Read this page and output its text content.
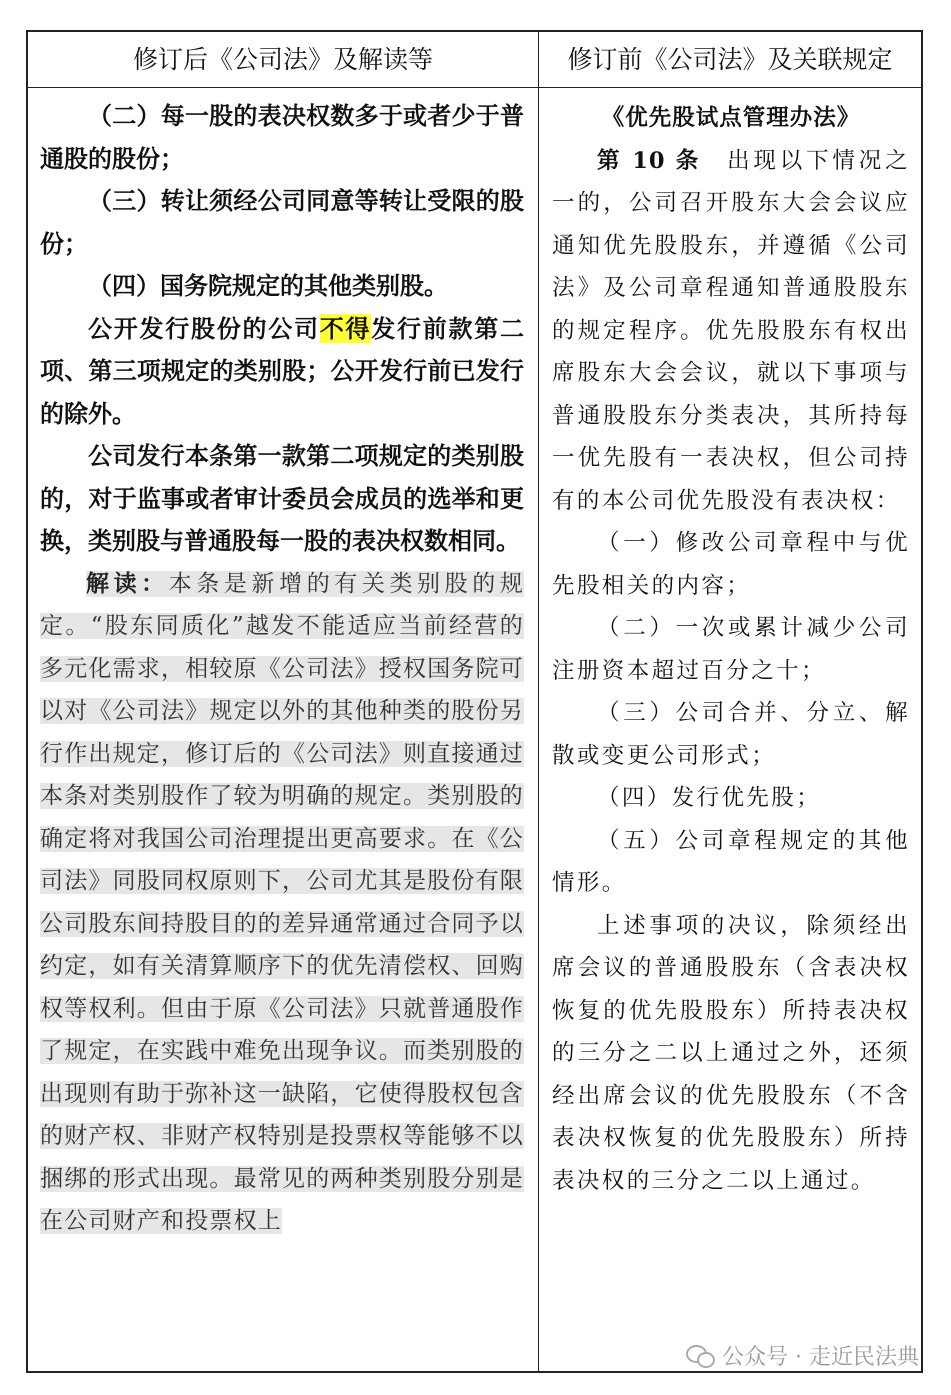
修订后《公司法》及解读等	修订前《公司法》及关联规定

（二）每一股的表决权数多于或者少于普通股的股份；

（三）转让须经公司同意等转让受限的股份；

（四）国务院规定的其他类别股。

公开发行股份的公司不得发行前款第二项、第三项规定的类别股；公开发行前已发行的除外。

公司发行本条第一款第二项规定的类别股的，对于监事或者审计委员会成员的选举和更换，类别股与普通股每一股的表决权数相同。

解读：本条是新增的有关类别股的规定。“股东同质化”越发不能适应当前经营的多元化需求，相较原《公司法》授权国务院可以对《公司法》规定以外的其他种类的股份另行作出规定，修订后的《公司法》则直接通过本条对类别股作了较为明确的规定。类别股的确定将对我国公司治理提出更高要求。在《公司法》同股同权原则下，公司尤其是股份有限公司股东间持股目的的差异通常通过合同予以约定，如有关清算顺序下的优先清偿权、回购权等权利。但由于原《公司法》只就普通股作了规定，在实践中难免出现争议。而类别股的出现则有助于弥补这一缺陷，它使得股权包含的财产权、非财产权特别是投票权等能够不以捆绑的形式出现。最常见的两种类别股分别是在公司财产和投票权上

《优先股试点管理办法》

第 10 条　 出现以下情况之一的，公司召开股东大会会议应通知优先股股东，并遵循《公司法》及公司章程通知普通股股东的规定程序。优先股股东有权出席股东大会会议，就以下事项与普通股股东分类表决，其所持每一优先股有一表决权，但公司持有的本公司优先股没有表决权：

（一）修改公司章程中与优先股相关的内容；

（二）一次或累计减少公司注册资本超过百分之十；

（三）公司合并、分立、解散或变更公司形式；

（四）发行优先股；

（五）公司章程规定的其他情形。

上述事项的决议，除须经出席会议的普通股股东（含表决权恢复的优先股股东）所持表决权的三分之二以上通过之外，还须经出席会议的优先股股东（不含表决权恢复的优先股股东）所持表决权的三分之二以上通过。

公众号 · 走近民法典
